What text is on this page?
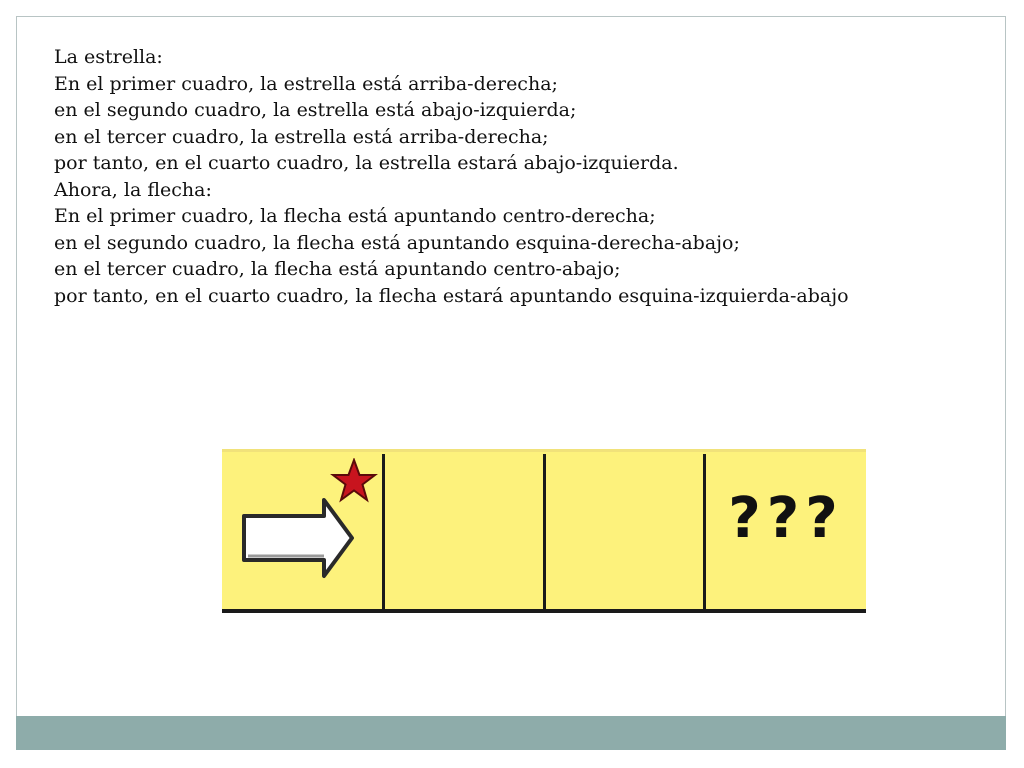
La estrella:
En el primer cuadro, la estrella está arriba-derecha;
en el segundo cuadro, la estrella está abajo-izquierda;
en el tercer cuadro, la estrella está arriba-derecha;
por tanto, en el cuarto cuadro, la estrella estará abajo-izquierda.
Ahora, la flecha:
En el primer cuadro, la flecha está apuntando centro-derecha;
en el segundo cuadro, la flecha está apuntando esquina-derecha-abajo;
en el tercer cuadro, la flecha está apuntando centro-abajo;
por tanto, en el cuarto cuadro, la flecha estará apuntando esquina-izquierda-abajo
???
